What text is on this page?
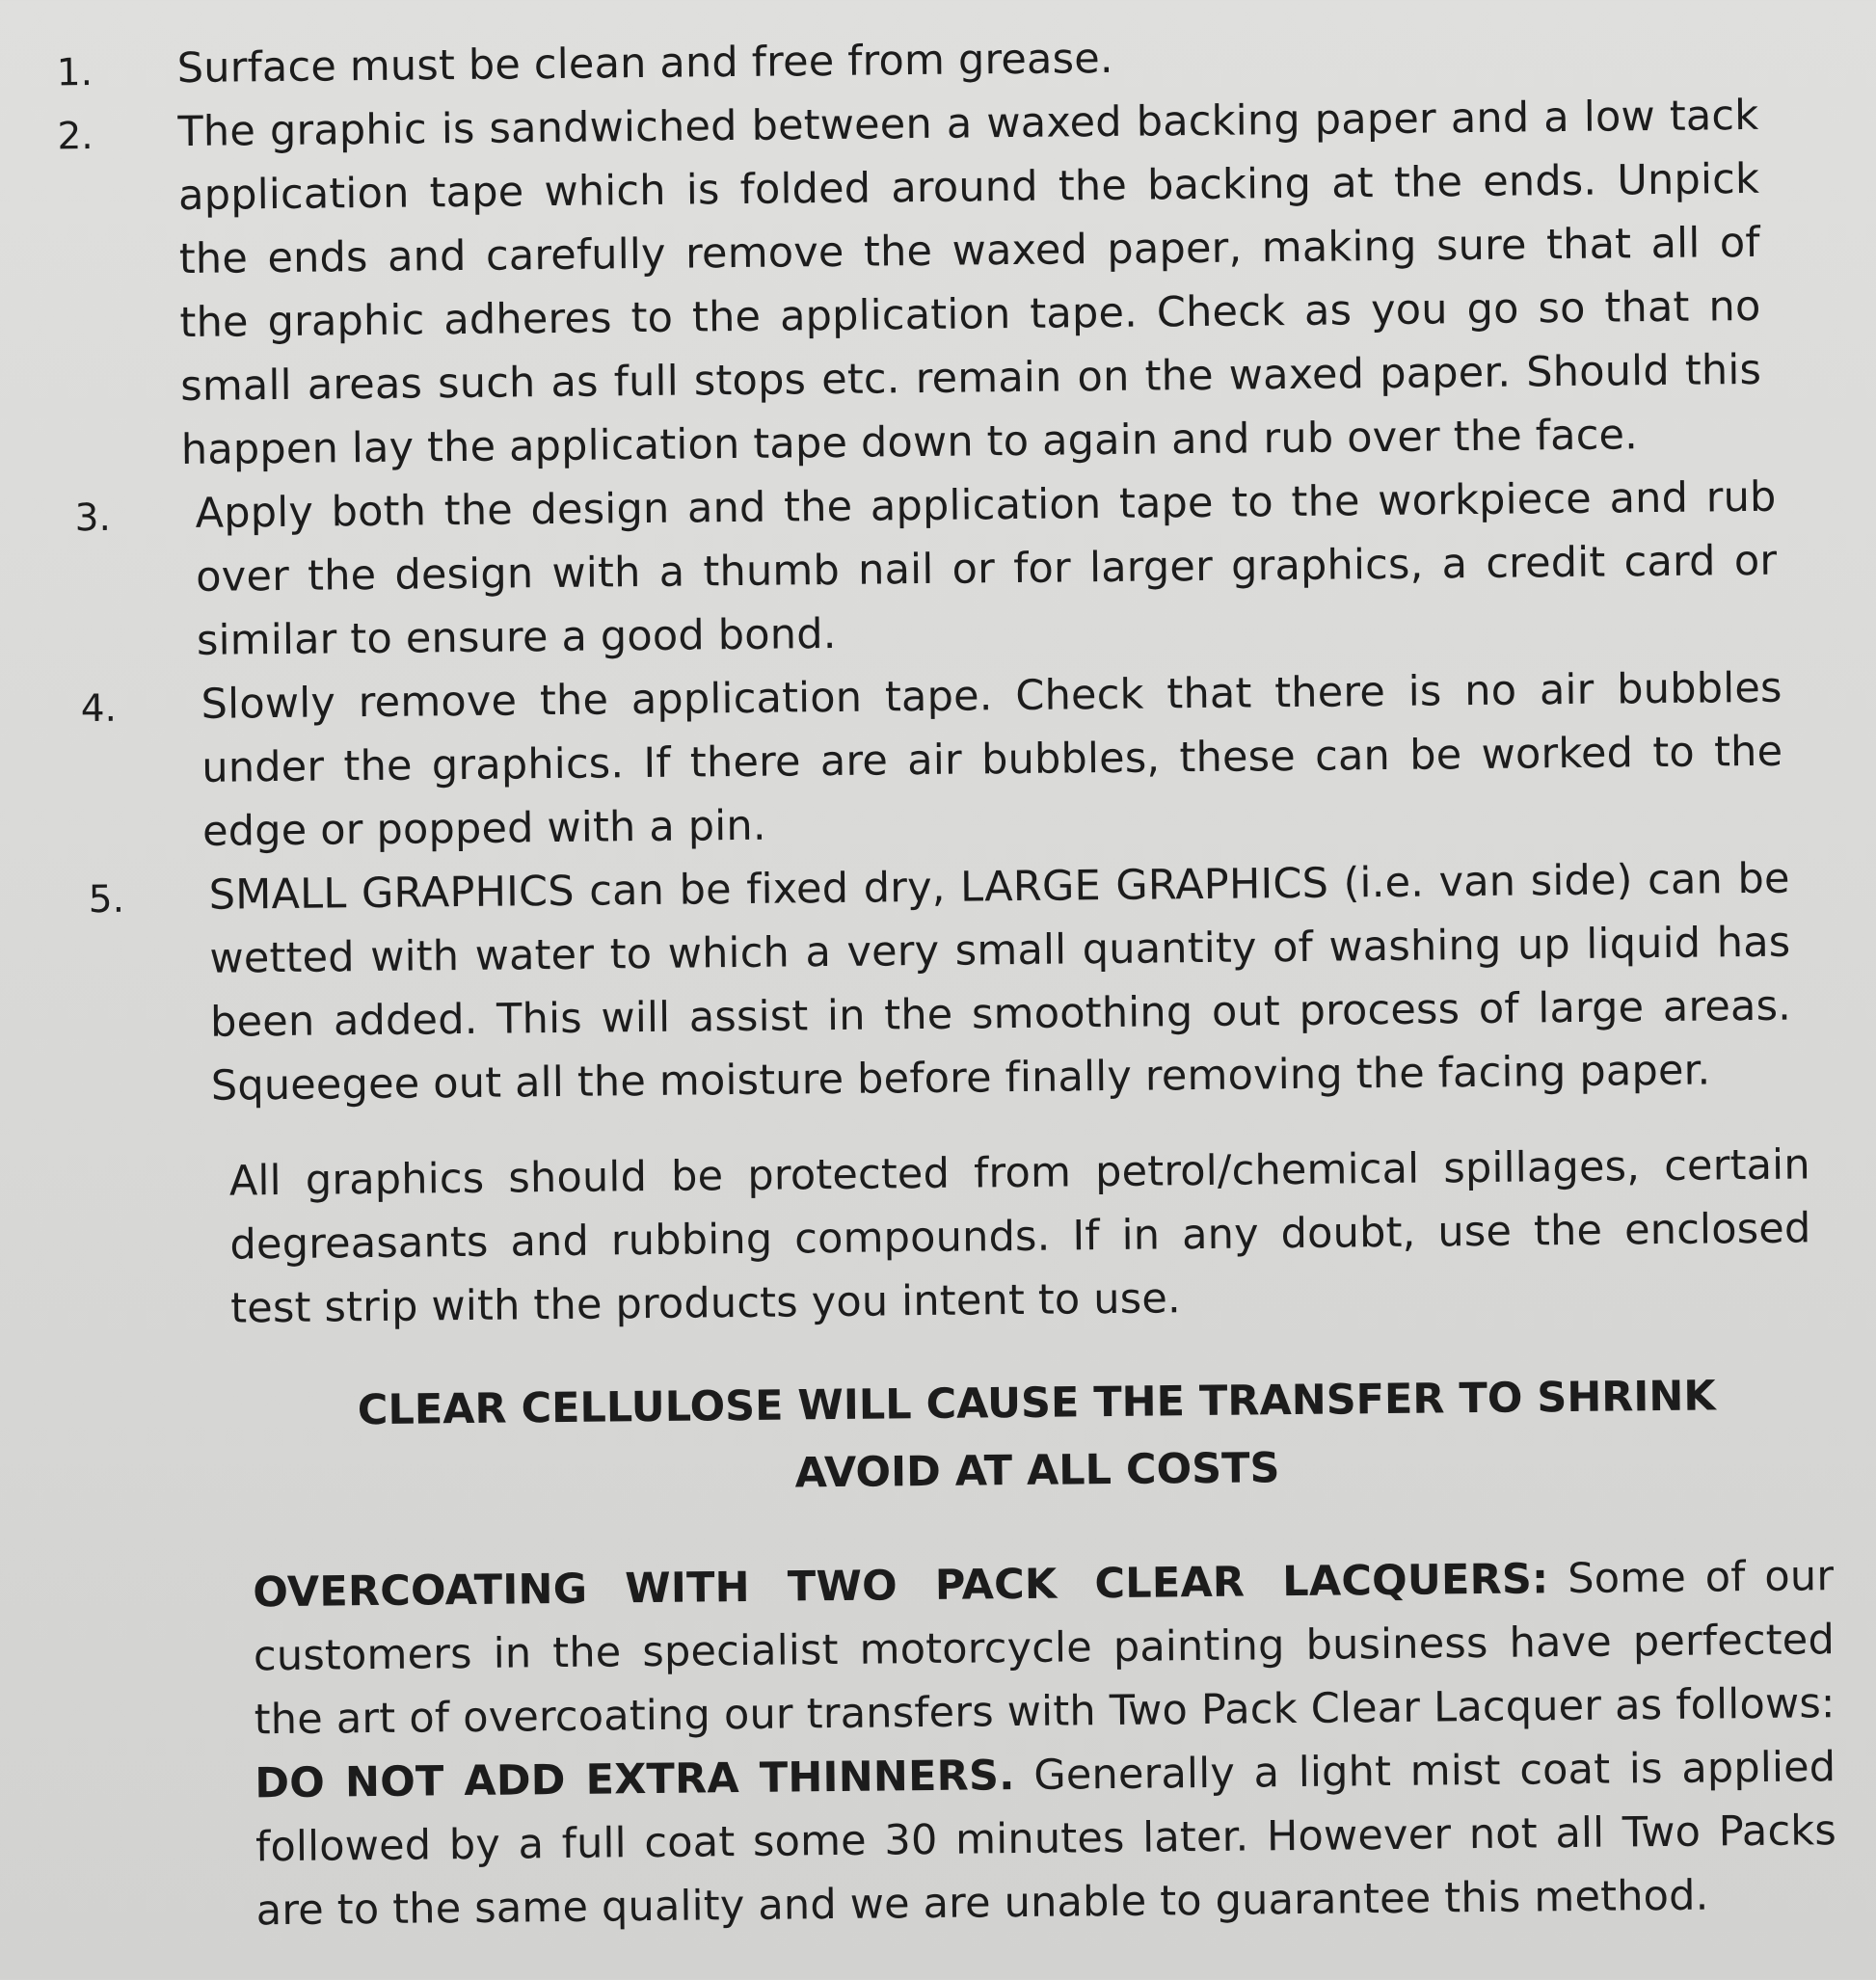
1.	Surface must be clean and free from grease.
2.	The graphic is sandwiched between a waxed backing paper and a low tack application tape which is folded around the backing at the ends. Unpick the ends and carefully remove the waxed paper, making sure that all of the graphic adheres to the application tape. Check as you go so that no small areas such as full stops etc. remain on the waxed paper. Should this happen lay the application tape down to again and rub over the face.
3.	Apply both the design and the application tape to the workpiece and rub over the design with a thumb nail or for larger graphics, a credit card or similar to ensure a good bond.
4.	Slowly remove the application tape. Check that there is no air bubbles under the graphics. If there are air bubbles, these can be worked to the edge or popped with a pin.
5.	SMALL GRAPHICS can be fixed dry, LARGE GRAPHICS (i.e. van side) can be wetted with water to which a very small quantity of washing up liquid has been added. This will assist in the smoothing out process of large areas. Squeegee out all the moisture before finally removing the facing paper.

All graphics should be protected from petrol/chemical spillages, certain degreasants and rubbing compounds. If in any doubt, use the enclosed test strip with the products you intent to use.

CLEAR CELLULOSE WILL CAUSE THE TRANSFER TO SHRINK
AVOID AT ALL COSTS

OVERCOATING WITH TWO PACK CLEAR LACQUERS: Some of our customers in the specialist motorcycle painting business have perfected the art of overcoating our transfers with Two Pack Clear Lacquer as follows: DO NOT ADD EXTRA THINNERS. Generally a light mist coat is applied followed by a full coat some 30 minutes later. However not all Two Packs are to the same quality and we are unable to guarantee this method.
